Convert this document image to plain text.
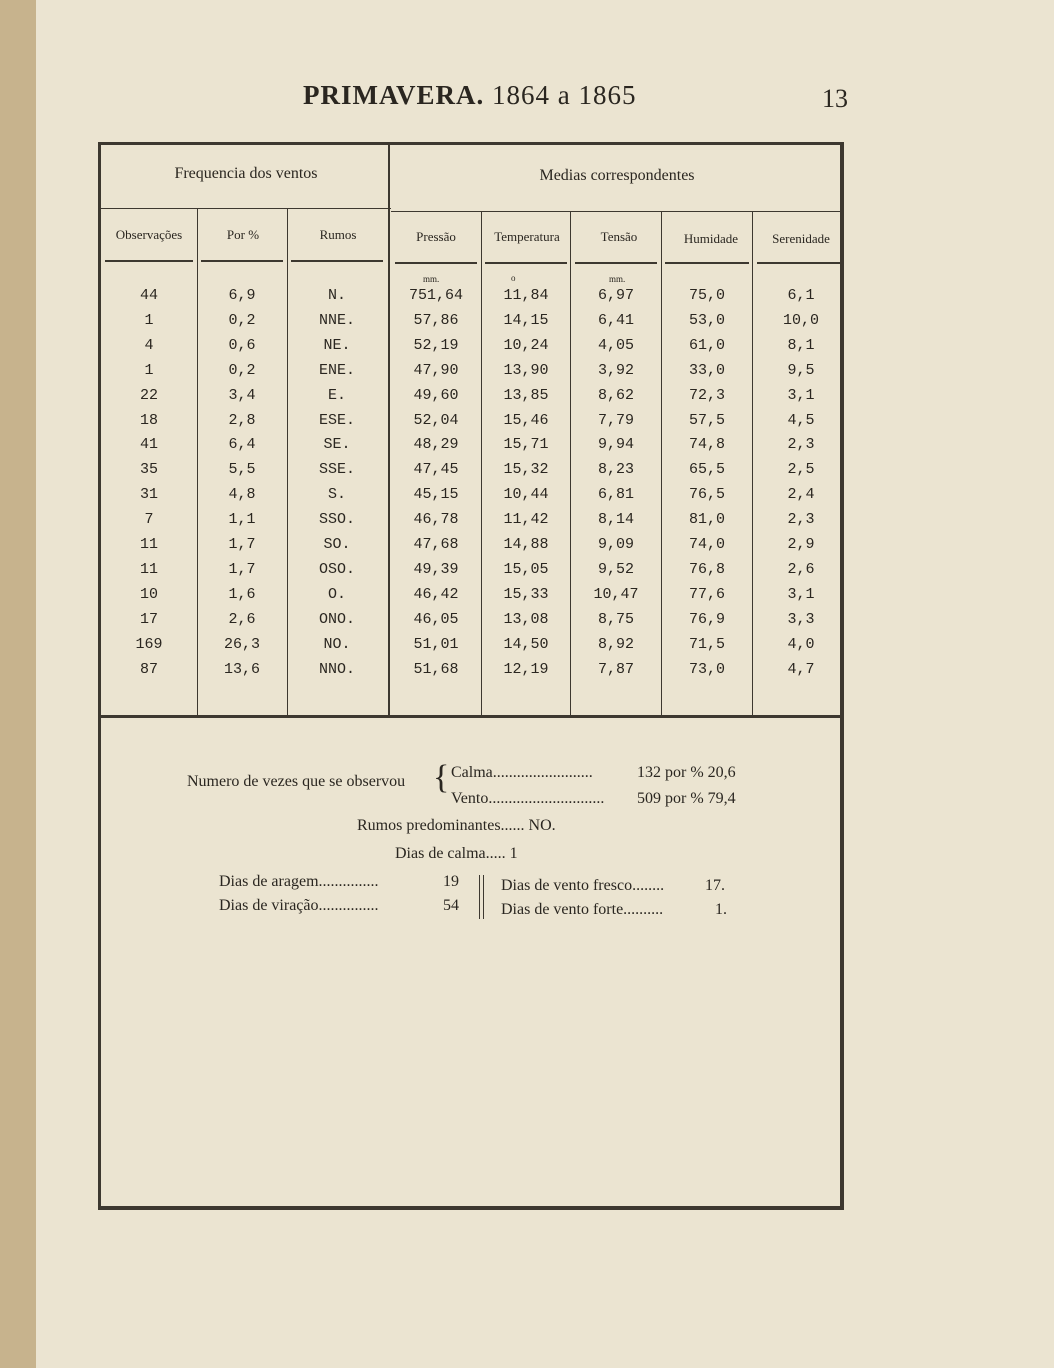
PRIMAVERA. 1864 a 1865	13
Frequencia dos ventos	Medias correspondentes
Observações	Por %	Rumos	Pressão	Temperatura	Tensão	Humidade	Serenidade
mm.	o	mm.
44	6,9	N.	751,64	11,84	6,97	75,0	6,1
1	0,2	NNE.	57,86	14,15	6,41	53,0	10,0
4	0,6	NE.	52,19	10,24	4,05	61,0	8,1
1	0,2	ENE.	47,90	13,90	3,92	33,0	9,5
22	3,4	E.	49,60	13,85	8,62	72,3	3,1
18	2,8	ESE.	52,04	15,46	7,79	57,5	4,5
41	6,4	SE.	48,29	15,71	9,94	74,8	2,3
35	5,5	SSE.	47,45	15,32	8,23	65,5	2,5
31	4,8	S.	45,15	10,44	6,81	76,5	2,4
7	1,1	SSO.	46,78	11,42	8,14	81,0	2,3
11	1,7	SO.	47,68	14,88	9,09	74,0	2,9
11	1,7	OSO.	49,39	15,05	9,52	76,8	2,6
10	1,6	O.	46,42	15,33	10,47	77,6	3,1
17	2,6	ONO.	46,05	13,08	8,75	76,9	3,3
169	26,3	NO.	51,01	14,50	8,92	71,5	4,0
87	13,6	NNO.	51,68	12,19	7,87	73,0	4,7
Numero de vezes que se observou { Calma.........................	132 por % 20,6
Vento.............................	509 por % 79,4
Rumos predominantes...... NO.
Dias de calma..... 1
Dias de aragem...............	19
Dias de viração...............	54
Dias de vento fresco........	17.
Dias de vento forte..........	1.
